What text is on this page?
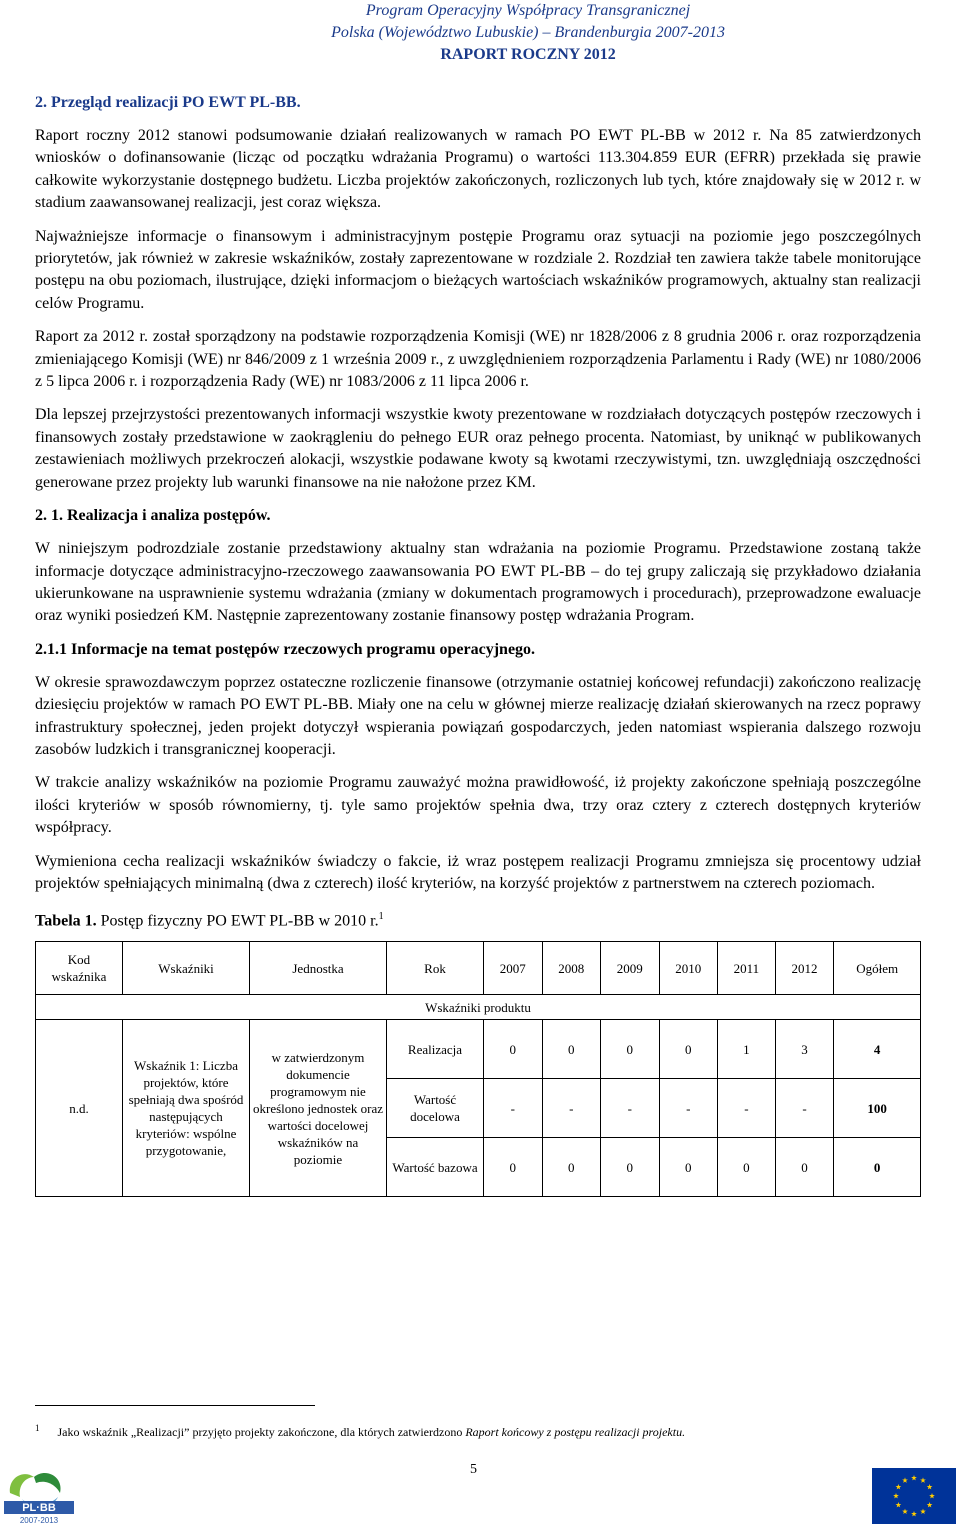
Program Operacyjny Współpracy Transgranicznej
Polska (Województwo Lubuskie) – Brandenburgia 2007-2013
RAPORT ROCZNY 2012
2. Przegląd realizacji PO EWT PL-BB.

Raport roczny 2012 stanowi podsumowanie działań realizowanych w ramach PO EWT PL-BB w 2012 r. Na 85 zatwierdzonych wniosków o dofinansowanie (licząc od początku wdrażania Programu) o wartości 113.304.859 EUR (EFRR) przekłada się prawie całkowite wykorzystanie dostępnego budżetu. Liczba projektów zakończonych, rozliczonych lub tych, które znajdowały się w 2012 r. w stadium zaawansowanej realizacji, jest coraz większa.

Najważniejsze informacje o finansowym i administracyjnym postępie Programu oraz sytuacji na poziomie jego poszczególnych priorytetów, jak również w zakresie wskaźników, zostały zaprezentowane w rozdziale 2. Rozdział ten zawiera także tabele monitorujące postępu na obu poziomach, ilustrujące, dzięki informacjom o bieżących wartościach wskaźników programowych, aktualny stan realizacji celów Programu.

Raport za 2012 r. został sporządzony na podstawie rozporządzenia Komisji (WE) nr 1828/2006 z 8 grudnia 2006 r. oraz rozporządzenia zmieniającego Komisji (WE) nr 846/2009 z 1 września 2009 r., z uwzględnieniem rozporządzenia Parlamentu i Rady (WE) nr 1080/2006 z 5 lipca 2006 r. i rozporządzenia Rady (WE) nr 1083/2006 z 11 lipca 2006 r.

Dla lepszej przejrzystości prezentowanych informacji wszystkie kwoty prezentowane w rozdziałach dotyczących postępów rzeczowych i finansowych zostały przedstawione w zaokrągleniu do pełnego EUR oraz pełnego procenta. Natomiast, by uniknąć w publikowanych zestawieniach możliwych przekroczeń alokacji, wszystkie podawane kwoty są kwotami rzeczywistymi, tzn. uwzględniają oszczędności generowane przez projekty lub warunki finansowe na nie nałożone przez KM.

2. 1. Realizacja i analiza postępów.

W niniejszym podrozdziale zostanie przedstawiony aktualny stan wdrażania na poziomie Programu. Przedstawione zostaną także informacje dotyczące administracyjno-rzeczowego zaawansowania PO EWT PL-BB – do tej grupy zaliczają się przykładowo działania ukierunkowane na usprawnienie systemu wdrażania (zmiany w dokumentach programowych i procedurach), przeprowadzone ewaluacje oraz wyniki posiedzeń KM. Następnie zaprezentowany zostanie finansowy postęp wdrażania Program.

2.1.1 Informacje na temat postępów rzeczowych programu operacyjnego.

W okresie sprawozdawczym poprzez ostateczne rozliczenie finansowe (otrzymanie ostatniej końcowej refundacji) zakończono realizację dziesięciu projektów w ramach PO EWT PL-BB. Miały one na celu w głównej mierze realizację działań skierowanych na rzecz poprawy infrastruktury społecznej, jeden projekt dotyczył wspierania powiązań gospodarczych, jeden natomiast wspierania dalszego rozwoju zasobów ludzkich i transgranicznej kooperacji.

W trakcie analizy wskaźników na poziomie Programu zauważyć można prawidłowość, iż projekty zakończone spełniają poszczególne ilości kryteriów w sposób równomierny, tj. tyle samo projektów spełnia dwa, trzy oraz cztery z czterech dostępnych kryteriów współpracy.

Wymieniona cecha realizacji wskaźników świadczy o fakcie, iż wraz postępem realizacji Programu zmniejsza się procentowy udział projektów spełniających minimalną (dwa z czterech) ilość kryteriów, na korzyść projektów z partnerstwem na czterech poziomach.

Tabela 1. Postęp fizyczny PO EWT PL-BB w 2010 r.$^1$
Kod wskaźnika	Wskaźniki	Jednostka	Rok	2007	2008	2009	2010	2011	2012	Ogółem
Wskaźniki produktu										
n.d.	Wskaźnik 1: Liczba projektów, które spełniają dwa spośród następujących kryteriów: wspólne przygotowanie,	w zatwierdzonym dokumencie programowym nie określono jednostek oraz wartości docelowej wskaźników na poziomie	Realizacja	0	0	0	0	1	3	4
			Wartość docelowa	-	-	-	-	-	-	100
			Wartość bazowa	0	0	0	0	0	0	0
$^1$ Jako wskaźnik „Realizacji” przyjęto projekty zakończone, dla których zatwierdzono Raport końcowy z postępu realizacji projektu.
5
PL·BB
2007-2013
